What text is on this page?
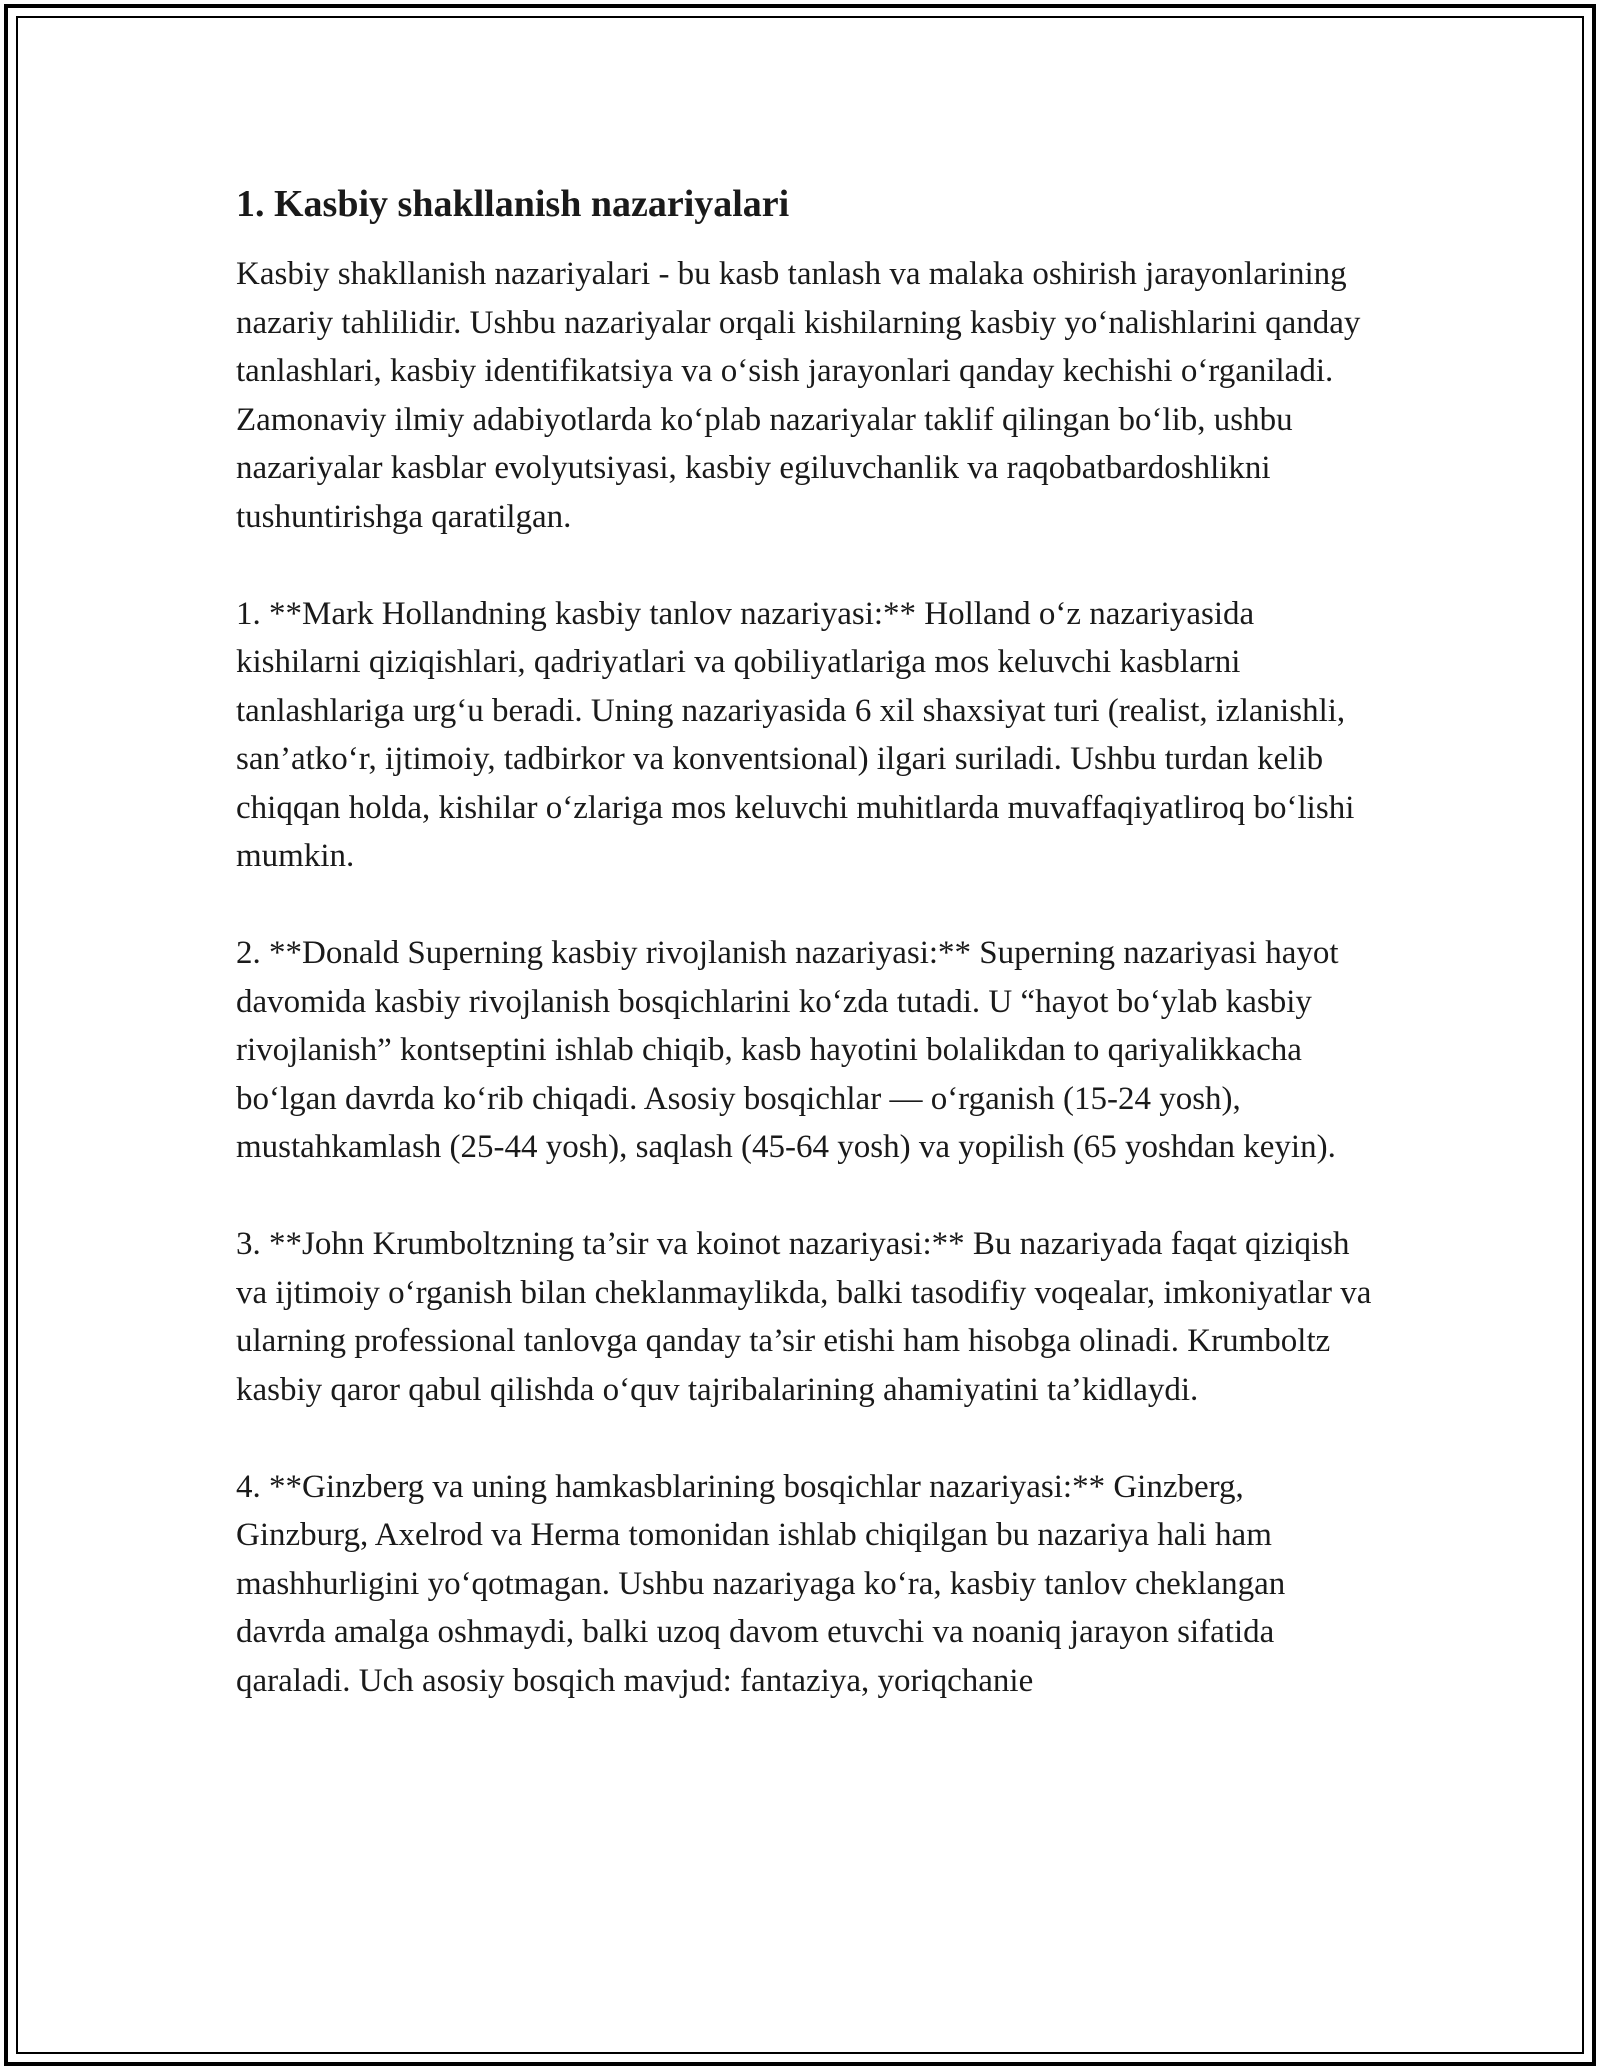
1. Kasbiy shakllanish nazariyalari

Kasbiy shakllanish nazariyalari - bu kasb tanlash va malaka oshirish jarayonlarining nazariy tahlilidir. Ushbu nazariyalar orqali kishilarning kasbiy yo‘nalishlarini qanday tanlashlari, kasbiy identifikatsiya va o‘sish jarayonlari qanday kechishi o‘rganiladi. Zamonaviy ilmiy adabiyotlarda ko‘plab nazariyalar taklif qilingan bo‘lib, ushbu nazariyalar kasblar evolyutsiyasi, kasbiy egiluvchanlik va raqobatbardoshlikni tushuntirishga qaratilgan.

1. **Mark Hollandning kasbiy tanlov nazariyasi:** Holland o‘z nazariyasida kishilarni qiziqishlari, qadriyatlari va qobiliyatlariga mos keluvchi kasblarni tanlashlariga urg‘u beradi. Uning nazariyasida 6 xil shaxsiyat turi (realist, izlanishli, san’atko‘r, ijtimoiy, tadbirkor va konventsional) ilgari suriladi. Ushbu turdan kelib chiqqan holda, kishilar o‘zlariga mos keluvchi muhitlarda muvaffaqiyatliroq bo‘lishi mumkin.

2. **Donald Superning kasbiy rivojlanish nazariyasi:** Superning nazariyasi hayot davomida kasbiy rivojlanish bosqichlarini ko‘zda tutadi. U “hayot bo‘ylab kasbiy rivojlanish” kontseptini ishlab chiqib, kasb hayotini bolalikdan to qariyalikkacha bo‘lgan davrda ko‘rib chiqadi. Asosiy bosqichlar — o‘rganish (15-24 yosh), mustahkamlash (25-44 yosh), saqlash (45-64 yosh) va yopilish (65 yoshdan keyin).

3. **John Krumboltzning ta’sir va koinot nazariyasi:** Bu nazariyada faqat qiziqish va ijtimoiy o‘rganish bilan cheklanmaylikda, balki tasodifiy voqealar, imkoniyatlar va ularning professional tanlovga qanday ta’sir etishi ham hisobga olinadi. Krumboltz kasbiy qaror qabul qilishda o‘quv tajribalarining ahamiyatini ta’kidlaydi.

4. **Ginzberg va uning hamkasblarining bosqichlar nazariyasi:** Ginzberg, Ginzburg, Axelrod va Herma tomonidan ishlab chiqilgan bu nazariya hali ham mashhurligini yo‘qotmagan. Ushbu nazariyaga ko‘ra, kasbiy tanlov cheklangan davrda amalga oshmaydi, balki uzoq davom etuvchi va noaniq jarayon sifatida qaraladi. Uch asosiy bosqich mavjud: fantaziya, yoriqchanie
